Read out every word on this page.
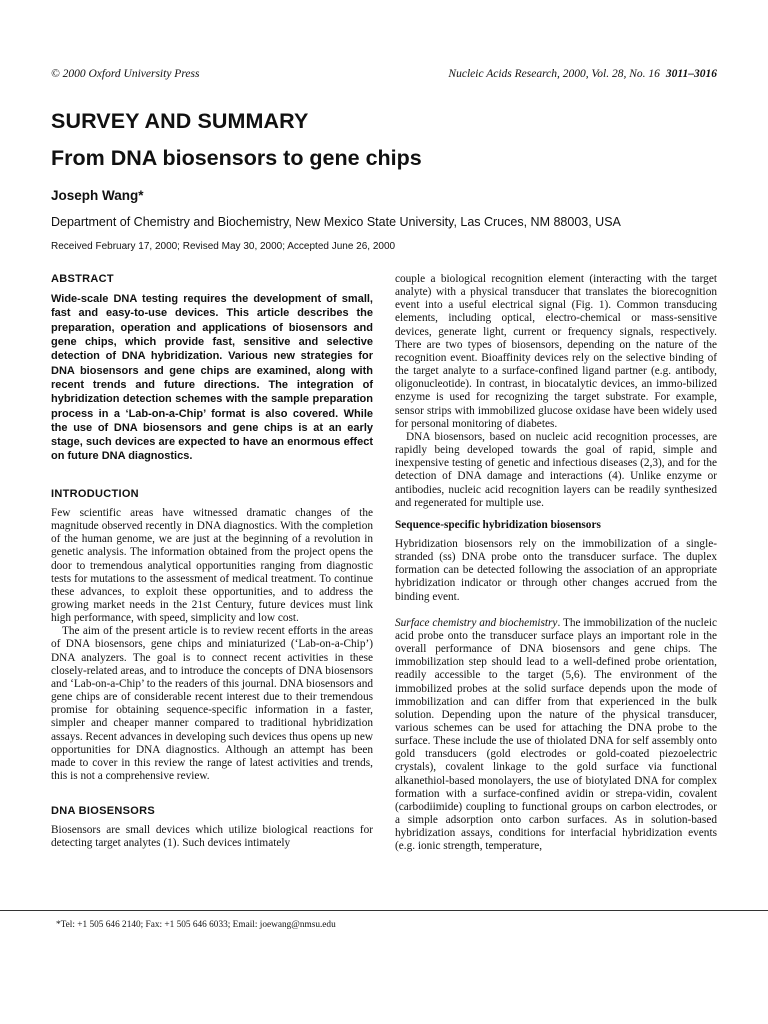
© 2000 Oxford University Press	Nucleic Acids Research, 2000, Vol. 28, No. 16 3011–3016
SURVEY AND SUMMARY
From DNA biosensors to gene chips
Joseph Wang*
Department of Chemistry and Biochemistry, New Mexico State University, Las Cruces, NM 88003, USA
Received February 17, 2000; Revised May 30, 2000; Accepted June 26, 2000
ABSTRACT

Wide-scale DNA testing requires the development of small, fast and easy-to-use devices. This article describes the preparation, operation and applications of biosensors and gene chips, which provide fast, sensitive and selective detection of DNA hybridization. Various new strategies for DNA biosensors and gene chips are examined, along with recent trends and future directions. The integration of hybridization detection schemes with the sample preparation process in a ‘Lab-on-a-Chip’ format is also covered. While the use of DNA biosensors and gene chips is at an early stage, such devices are expected to have an enormous effect on future DNA diagnostics.

INTRODUCTION

Few scientific areas have witnessed dramatic changes of the magnitude observed recently in DNA diagnostics. With the completion of the human genome, we are just at the beginning of a revolution in genetic analysis. The information obtained from the project opens the door to tremendous analytical opportunities ranging from diagnostic tests for mutations to the assessment of medical treatment. To continue these advances, to exploit these opportunities, and to address the growing market needs in the 21st Century, future devices must link high performance, with speed, simplicity and low cost.

The aim of the present article is to review recent efforts in the areas of DNA biosensors, gene chips and miniaturized (‘Lab-on-a-Chip’) DNA analyzers. The goal is to connect recent activities in these closely-related areas, and to introduce the concepts of DNA biosensors and ‘Lab-on-a-Chip’ to the readers of this journal. DNA biosensors and gene chips are of considerable recent interest due to their tremendous promise for obtaining sequence-specific information in a faster, simpler and cheaper manner compared to traditional hybridization assays. Recent advances in developing such devices thus opens up new opportunities for DNA diagnostics. Although an attempt has been made to cover in this review the range of latest activities and trends, this is not a comprehensive review.

DNA BIOSENSORS

Biosensors are small devices which utilize biological reactions for detecting target analytes (1). Such devices intimately

couple a biological recognition element (interacting with the target analyte) with a physical transducer that translates the biorecognition event into a useful electrical signal (Fig. 1). Common transducing elements, including optical, electro-chemical or mass-sensitive devices, generate light, current or frequency signals, respectively. There are two types of biosensors, depending on the nature of the recognition event. Bioaffinity devices rely on the selective binding of the target analyte to a surface-confined ligand partner (e.g. antibody, oligonucleotide). In contrast, in biocatalytic devices, an immo-bilized enzyme is used for recognizing the target substrate. For example, sensor strips with immobilized glucose oxidase have been widely used for personal monitoring of diabetes.

DNA biosensors, based on nucleic acid recognition processes, are rapidly being developed towards the goal of rapid, simple and inexpensive testing of genetic and infectious diseases (2,3), and for the detection of DNA damage and interactions (4). Unlike enzyme or antibodies, nucleic acid recognition layers can be readily synthesized and regenerated for multiple use.

Sequence-specific hybridization biosensors

Hybridization biosensors rely on the immobilization of a single-stranded (ss) DNA probe onto the transducer surface. The duplex formation can be detected following the association of an appropriate hybridization indicator or through other changes accrued from the binding event.

Surface chemistry and biochemistry. The immobilization of the nucleic acid probe onto the transducer surface plays an important role in the overall performance of DNA biosensors and gene chips. The immobilization step should lead to a well-defined probe orientation, readily accessible to the target (5,6). The environment of the immobilized probes at the solid surface depends upon the mode of immobilization and can differ from that experienced in the bulk solution. Depending upon the nature of the physical transducer, various schemes can be used for attaching the DNA probe to the surface. These include the use of thiolated DNA for self assembly onto gold transducers (gold electrodes or gold-coated piezoelectric crystals), covalent linkage to the gold surface via functional alkanethiol-based monolayers, the use of biotylated DNA for complex formation with a surface-confined avidin or strepa-vidin, covalent (carbodiimide) coupling to functional groups on carbon electrodes, or a simple adsorption onto carbon surfaces. As in solution-based hybridization assays, conditions for interfacial hybridization events (e.g. ionic strength, temperature,

*Tel: +1 505 646 2140; Fax: +1 505 646 6033; Email: joewang@nmsu.edu
